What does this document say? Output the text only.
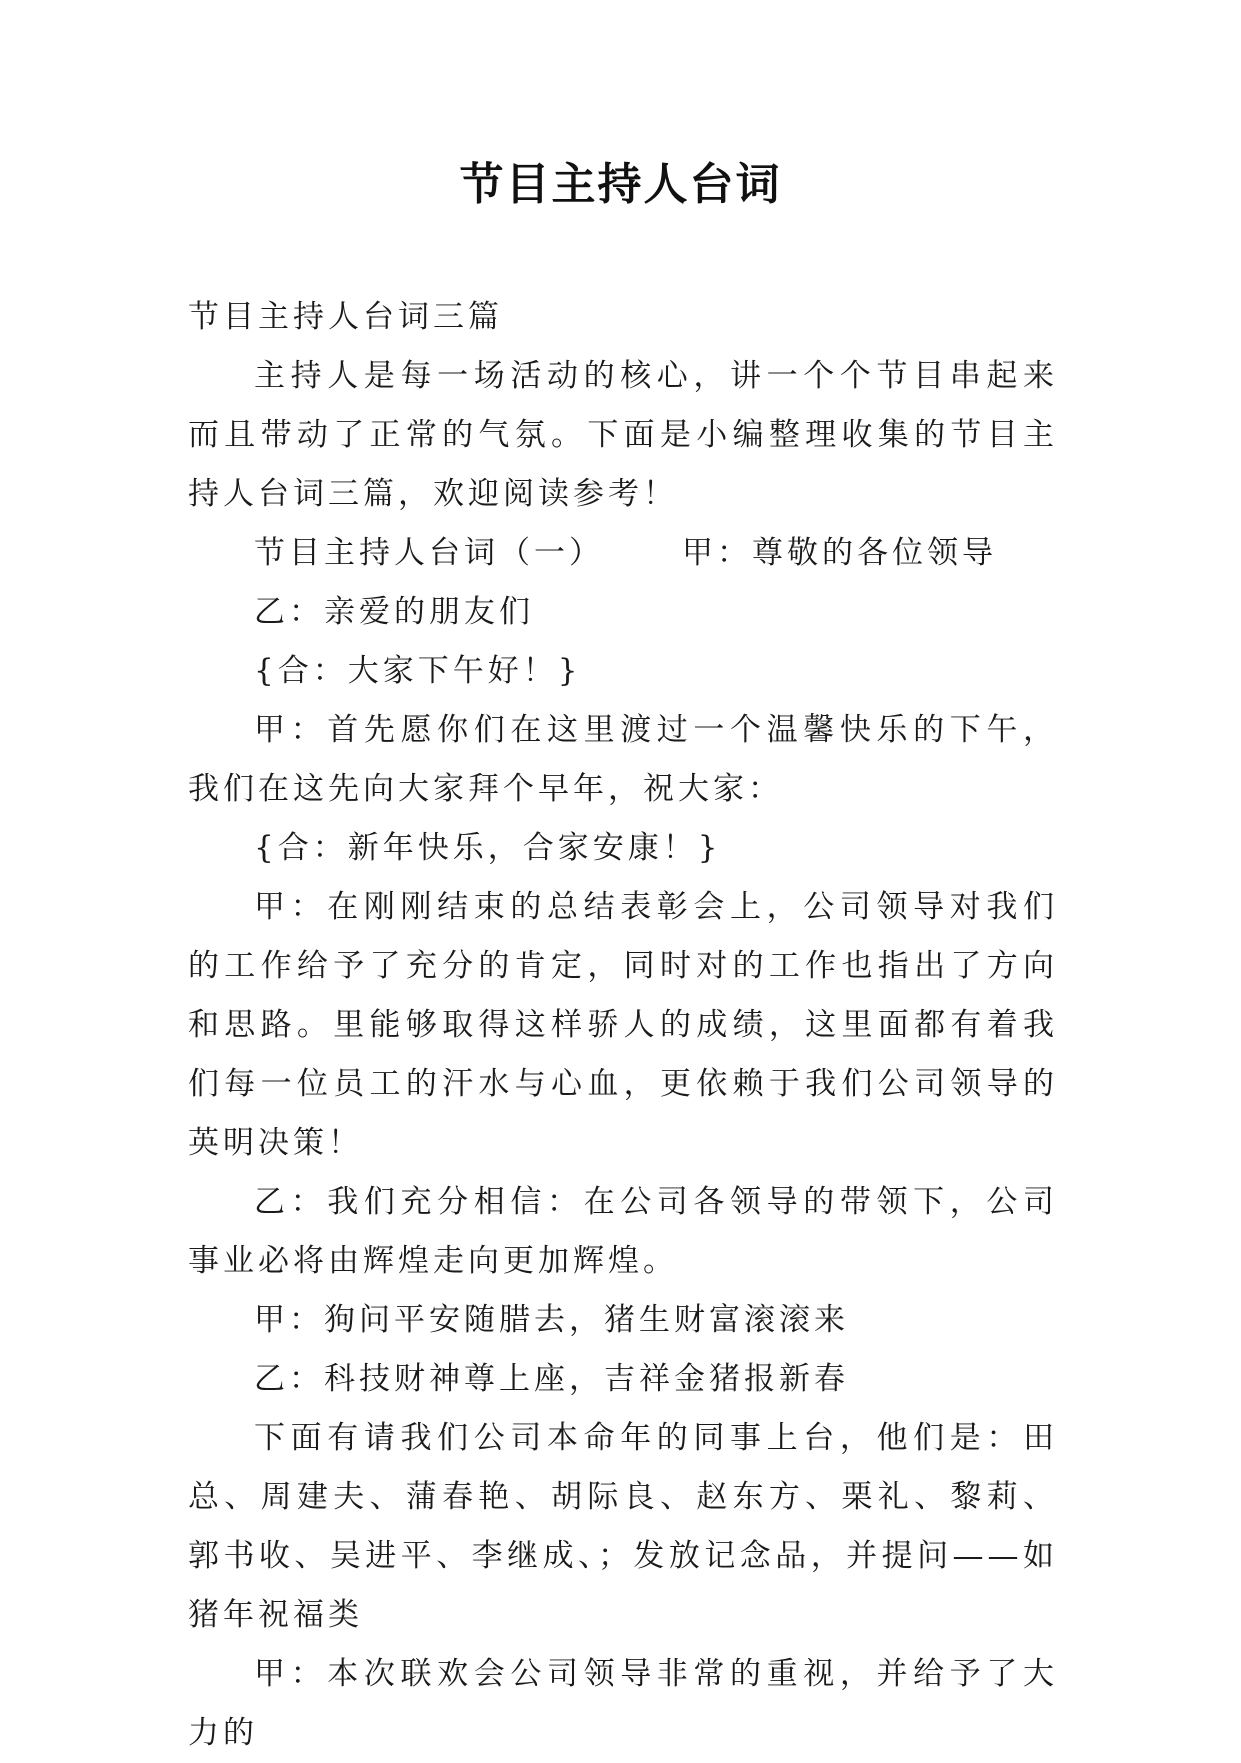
节目主持人台词

节目主持人台词三篇

主持人是每一场活动的核心，讲一个个节目串起来而且带动了正常的气氛。下面是小编整理收集的节目主持人台词三篇，欢迎阅读参考！

节目主持人台词（一）	甲：尊敬的各位领导

乙：亲爱的朋友们

{合：大家下午好！}

甲：首先愿你们在这里渡过一个温馨快乐的下午，我们在这先向大家拜个早年，祝大家：

{合：新年快乐，合家安康！}

甲：在刚刚结束的总结表彰会上，公司领导对我们的工作给予了充分的肯定，同时对的工作也指出了方向和思路。里能够取得这样骄人的成绩，这里面都有着我们每一位员工的汗水与心血，更依赖于我们公司领导的英明决策！

乙：我们充分相信：在公司各领导的带领下，公司事业必将由辉煌走向更加辉煌。

甲：狗问平安随腊去，猪生财富滚滚来

乙：科技财神尊上座，吉祥金猪报新春

下面有请我们公司本命年的同事上台，他们是：田总、周建夫、蒲春艳、胡际良、赵东方、栗礼、黎莉、郭书收、吴进平、李继成、；发放记念品，并提问——如猪年祝福类

甲：本次联欢会公司领导非常的重视，并给予了大力的
